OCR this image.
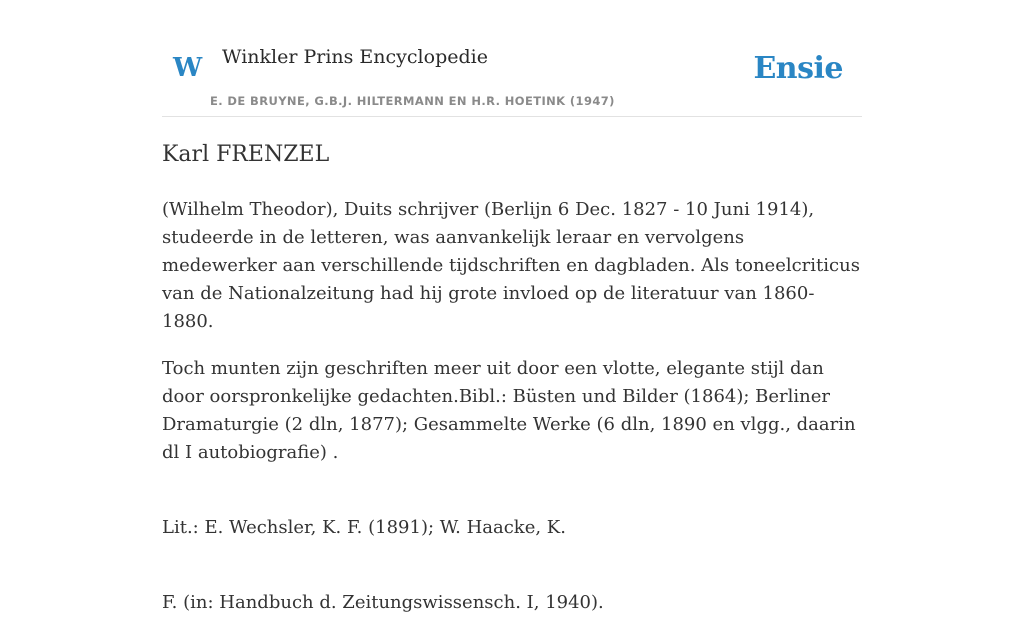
W Winkler Prins Encyclopedie
E. DE BRUYNE, G.B.J. HILTERMANN EN H.R. HOETINK (1947)
Ensie
Karl FRENZEL

(Wilhelm Theodor), Duits schrijver (Berlijn 6 Dec. 1827 - 10 Juni 1914), studeerde in de letteren, was aanvankelijk leraar en vervolgens medewerker aan verschillende tijdschriften en dagbladen. Als toneelcriticus van de Nationalzeitung had hij grote invloed op de literatuur van 1860-1880.

Toch munten zijn geschriften meer uit door een vlotte, elegante stijl dan door oorspronkelijke gedachten.Bibl.: Büsten und Bilder (1864); Berliner Dramaturgie (2 dln, 1877); Gesammelte Werke (6 dln, 1890 en vlgg., daarin dl I autobiografie) .

Lit.: E. Wechsler, K. F. (1891); W. Haacke, K.

F. (in: Handbuch d. Zeitungswissensch. I, 1940).
